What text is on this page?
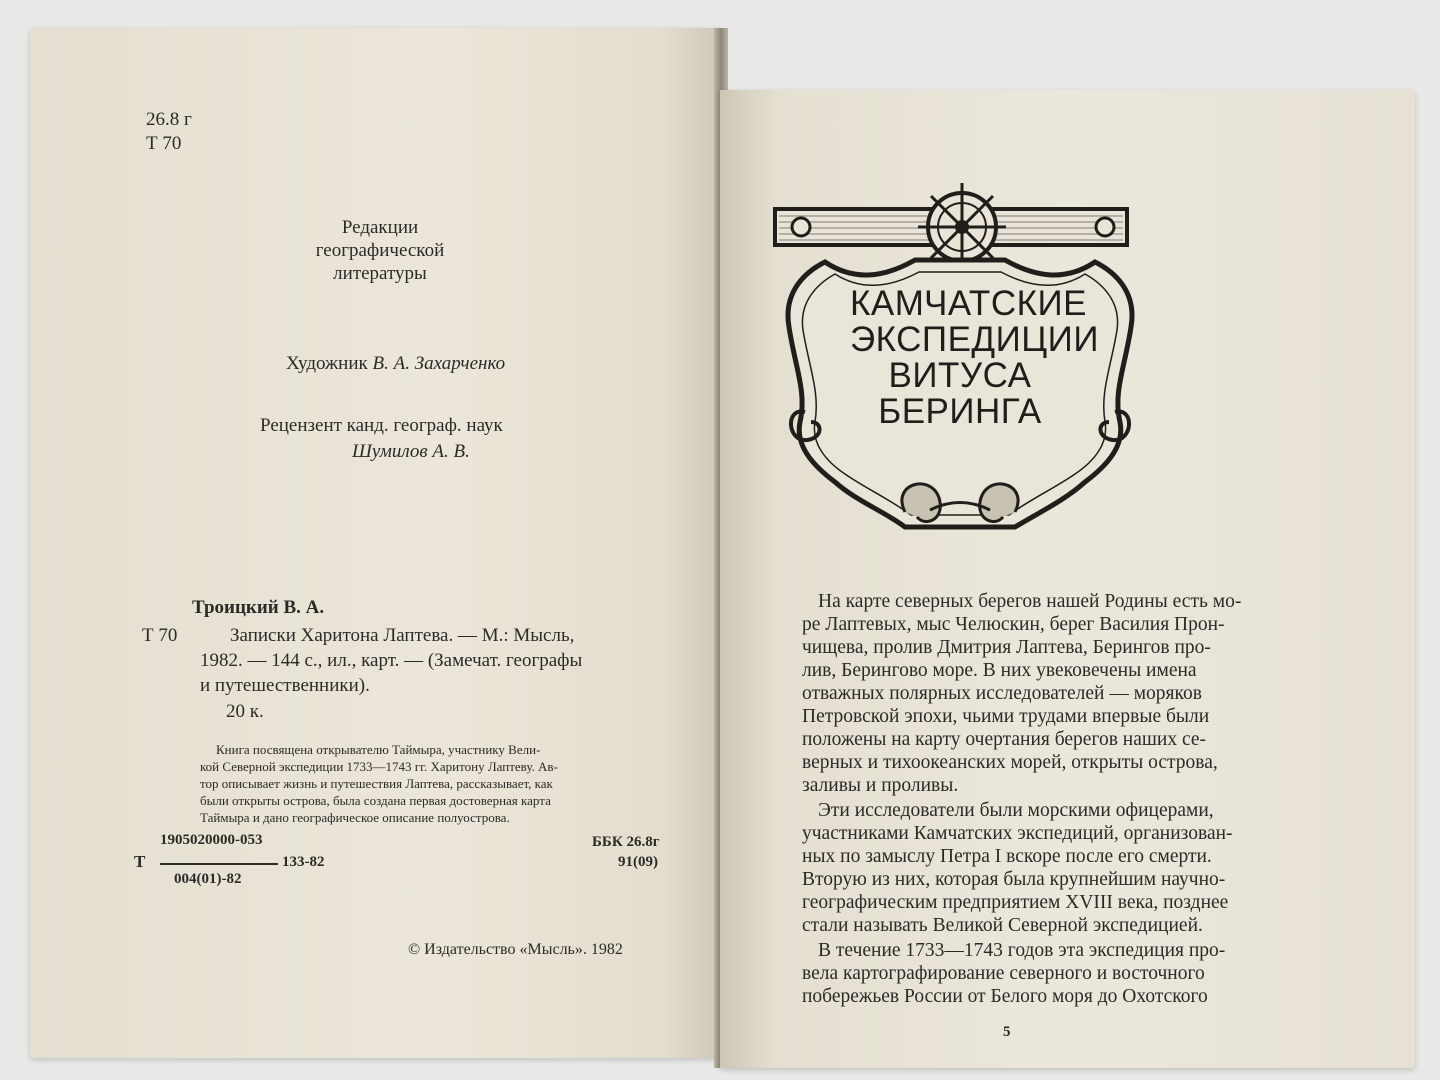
26.8 г
Т 70
Редакции
географической
литературы
Художник В. А. Захарченко
Рецензент канд. географ. наук
Шумилов А. В.
Троицкий В. А.
Т 70	Записки Харитона Лаптева. — М.: Мысль,
1982. — 144 с., ил., карт. — (Замечат. географы
и путешественники).
20 к.
Книга посвящена открывателю Таймыра, участнику Вели-
кой Северной экспедиции 1733—1743 гг. Харитону Лаптеву. Ав-
тор описывает жизнь и путешествия Лаптева, рассказывает, как
были открыты острова, была создана первая достоверная карта
Таймыра и дано географическое описание полуострова.
1905020000-053
Т	133-82
004(01)-82
ББК 26.8г
91(09)
© Издательство «Мысль». 1982
КАМЧАТСКИЕ
ЭКСПЕДИЦИИ
ВИТУСА
БЕРИНГА
На карте северных берегов нашей Родины есть мо-
ре Лаптевых, мыс Челюскин, берег Василия Прон-
чищева, пролив Дмитрия Лаптева, Берингов про-
лив, Берингово море. В них увековечены имена
отважных полярных исследователей — моряков
Петровской эпохи, чьими трудами впервые были
положены на карту очертания берегов наших се-
верных и тихоокеанских морей, открыты острова,
заливы и проливы.
Эти исследователи были морскими офицерами,
участниками Камчатских экспедиций, организован-
ных по замыслу Петра I вскоре после его смерти.
Вторую из них, которая была крупнейшим научно-
географическим предприятием XVIII века, позднее
стали называть Великой Северной экспедицией.
В течение 1733—1743 годов эта экспедиция про-
вела картографирование северного и восточного
побережьев России от Белого моря до Охотского
5
